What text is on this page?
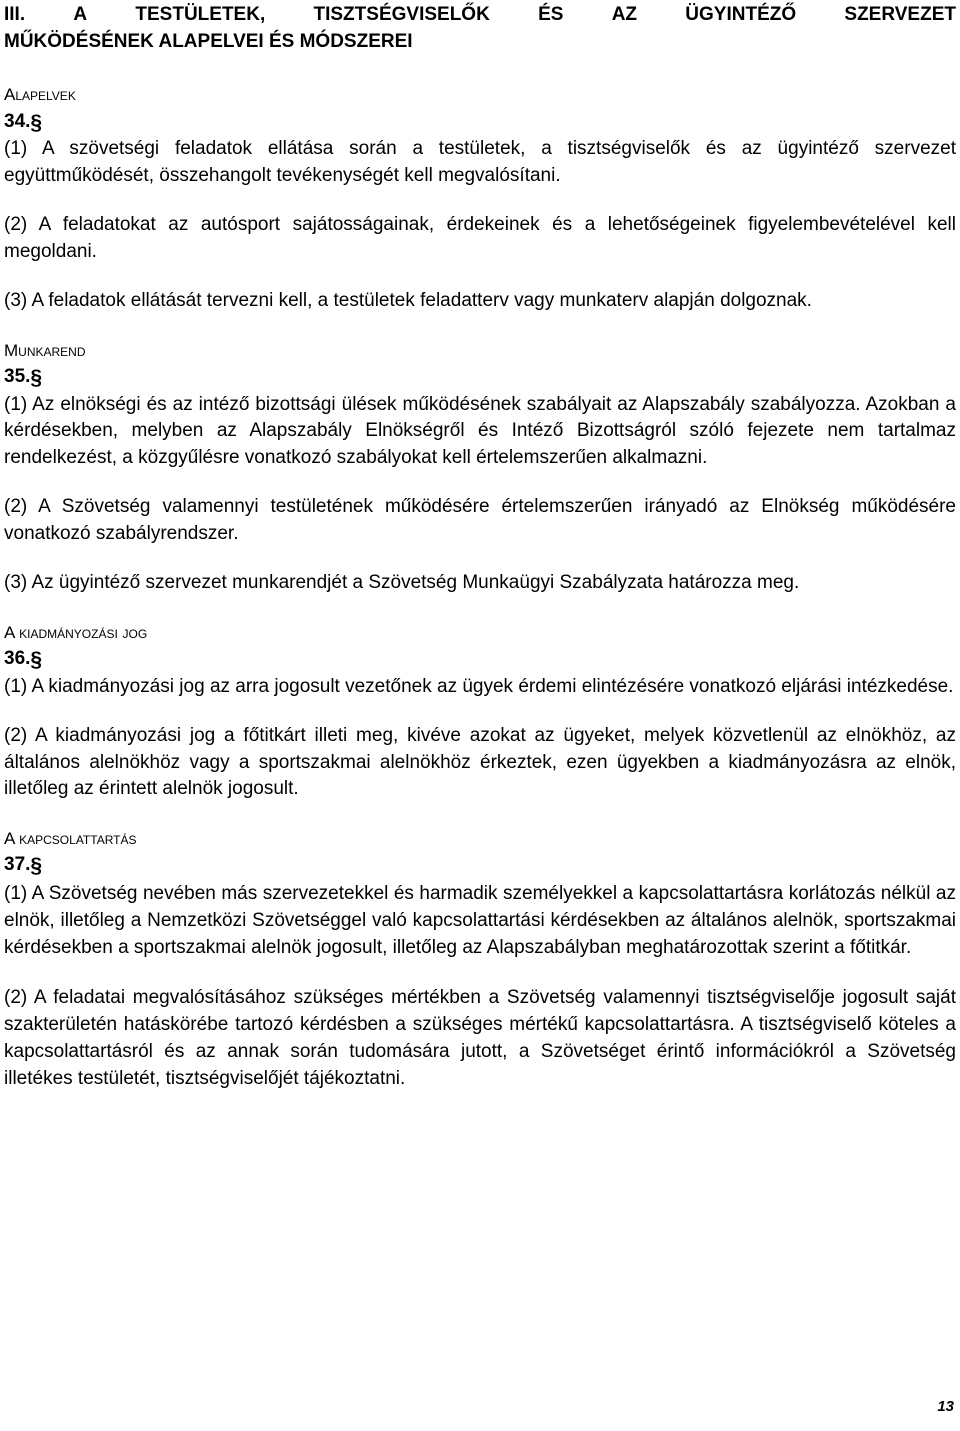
III.	A	TESTÜLETEK,	TISZTSÉGVISELŐK	ÉS	AZ	ÜGYINTÉZŐ	SZERVEZET
MŰKÖDÉSÉNEK ALAPELVEI ÉS MÓDSZEREI
Alapelvek
34.§

(1) A szövetségi feladatok ellátása során a testületek, a tisztségviselők és az ügyintéző szervezet együttműködését, összehangolt tevékenységét kell megvalósítani.

(2) A feladatokat az autósport sajátosságainak, érdekeinek és a lehetőségeinek figyelembevételével kell megoldani.

(3) A feladatok ellátását tervezni kell, a testületek feladatterv vagy munkaterv alapján dolgoznak.

Munkarend
35.§

(1) Az elnökségi és az intéző bizottsági ülések működésének szabályait az Alapszabály szabályozza. Azokban a kérdésekben, melyben az Alapszabály Elnökségről és Intéző Bizottságról szóló fejezete nem tartalmaz rendelkezést, a közgyűlésre vonatkozó szabályokat kell értelemszerűen alkalmazni.

(2) A Szövetség valamennyi testületének működésére értelemszerűen irányadó az Elnökség működésére vonatkozó szabályrendszer.

(3) Az ügyintéző szervezet munkarendjét a Szövetség Munkaügyi Szabályzata határozza meg.

A kiadmányozási jog
36.§

(1) A kiadmányozási jog az arra jogosult vezetőnek az ügyek érdemi elintézésére vonatkozó eljárási intézkedése.

(2) A kiadmányozási jog a főtitkárt illeti meg, kivéve azokat az ügyeket, melyek közvetlenül az elnökhöz, az általános alelnökhöz vagy a sportszakmai alelnökhöz érkeztek, ezen ügyekben a kiadmányozásra az elnök, illetőleg az érintett alelnök jogosult.

A kapcsolattartás
37.§

(1) A Szövetség nevében más szervezetekkel és harmadik személyekkel a kapcsolattartásra korlátozás nélkül az elnök, illetőleg a Nemzetközi Szövetséggel való kapcsolattartási kérdésekben az általános alelnök, sportszakmai kérdésekben a sportszakmai alelnök jogosult, illetőleg az Alapszabályban meghatározottak szerint a főtitkár.

(2) A feladatai megvalósításához szükséges mértékben a Szövetség valamennyi tisztségviselője jogosult saját szakterületén hatáskörébe tartozó kérdésben a szükséges mértékű kapcsolattartásra. A tisztségviselő köteles a kapcsolattartásról és az annak során tudomására jutott, a Szövetséget érintő információkról a Szövetség illetékes testületét, tisztségviselőjét tájékoztatni.

13
